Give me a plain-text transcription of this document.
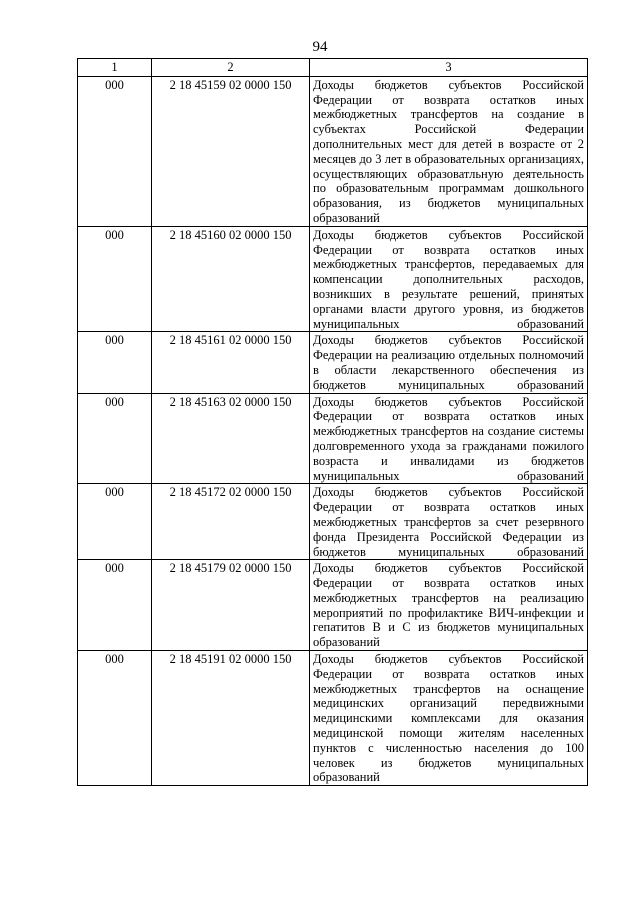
94
1	2	3
000	2 18 45159 02 0000 150	Доходы бюджетов субъектов Российской Федерации от возврата остатков иных межбюджетных трансфертов на создание в субъектах Российской Федерации дополнительных мест для детей в возрасте от 2 месяцев до 3 лет в образовательных организациях, осуществляющих образоватльную деятельность по образовательным программам дошкольного образования, из бюджетов муниципальных образований

000	2 18 45160 02 0000 150	Доходы бюджетов субъектов Российской Федерации от возврата остатков иных межбюджетных трансфертов, передаваемых для компенсации дополнительных расходов, возникших в результате решений, принятых органами власти другого уровня, из бюджетов муниципальных образований

000	2 18 45161 02 0000 150	Доходы бюджетов субъектов Российской Федерации на реализацию отдельных полномочий в области лекарственного обеспечения из бюджетов муниципальных образований

000	2 18 45163 02 0000 150	Доходы бюджетов субъектов Российской Федерации от возврата остатков иных межбюджетных трансфертов на создание системы долговременного ухода за гражданами пожилого возраста и инвалидами из бюджетов муниципальных образований

000	2 18 45172 02 0000 150	Доходы бюджетов субъектов Российской Федерации от возврата остатков иных межбюджетных трансфертов за счет резервного фонда Президента Российской Федерации из бюджетов муниципальных образований

000	2 18 45179 02 0000 150	Доходы бюджетов субъектов Российской Федерации от возврата остатков иных межбюджетных трансфертов на реализацию мероприятий по профилактике ВИЧ-инфекции и гепатитов B и C из бюджетов муниципальных образований

000	2 18 45191 02 0000 150	Доходы бюджетов субъектов Российской Федерации от возврата остатков иных межбюджетных трансфертов на оснащение медицинских организаций передвижными медицинскими комплексами для оказания медицинской помощи жителям населенных пунктов с численностью населения до 100 человек из бюджетов муниципальных образований
